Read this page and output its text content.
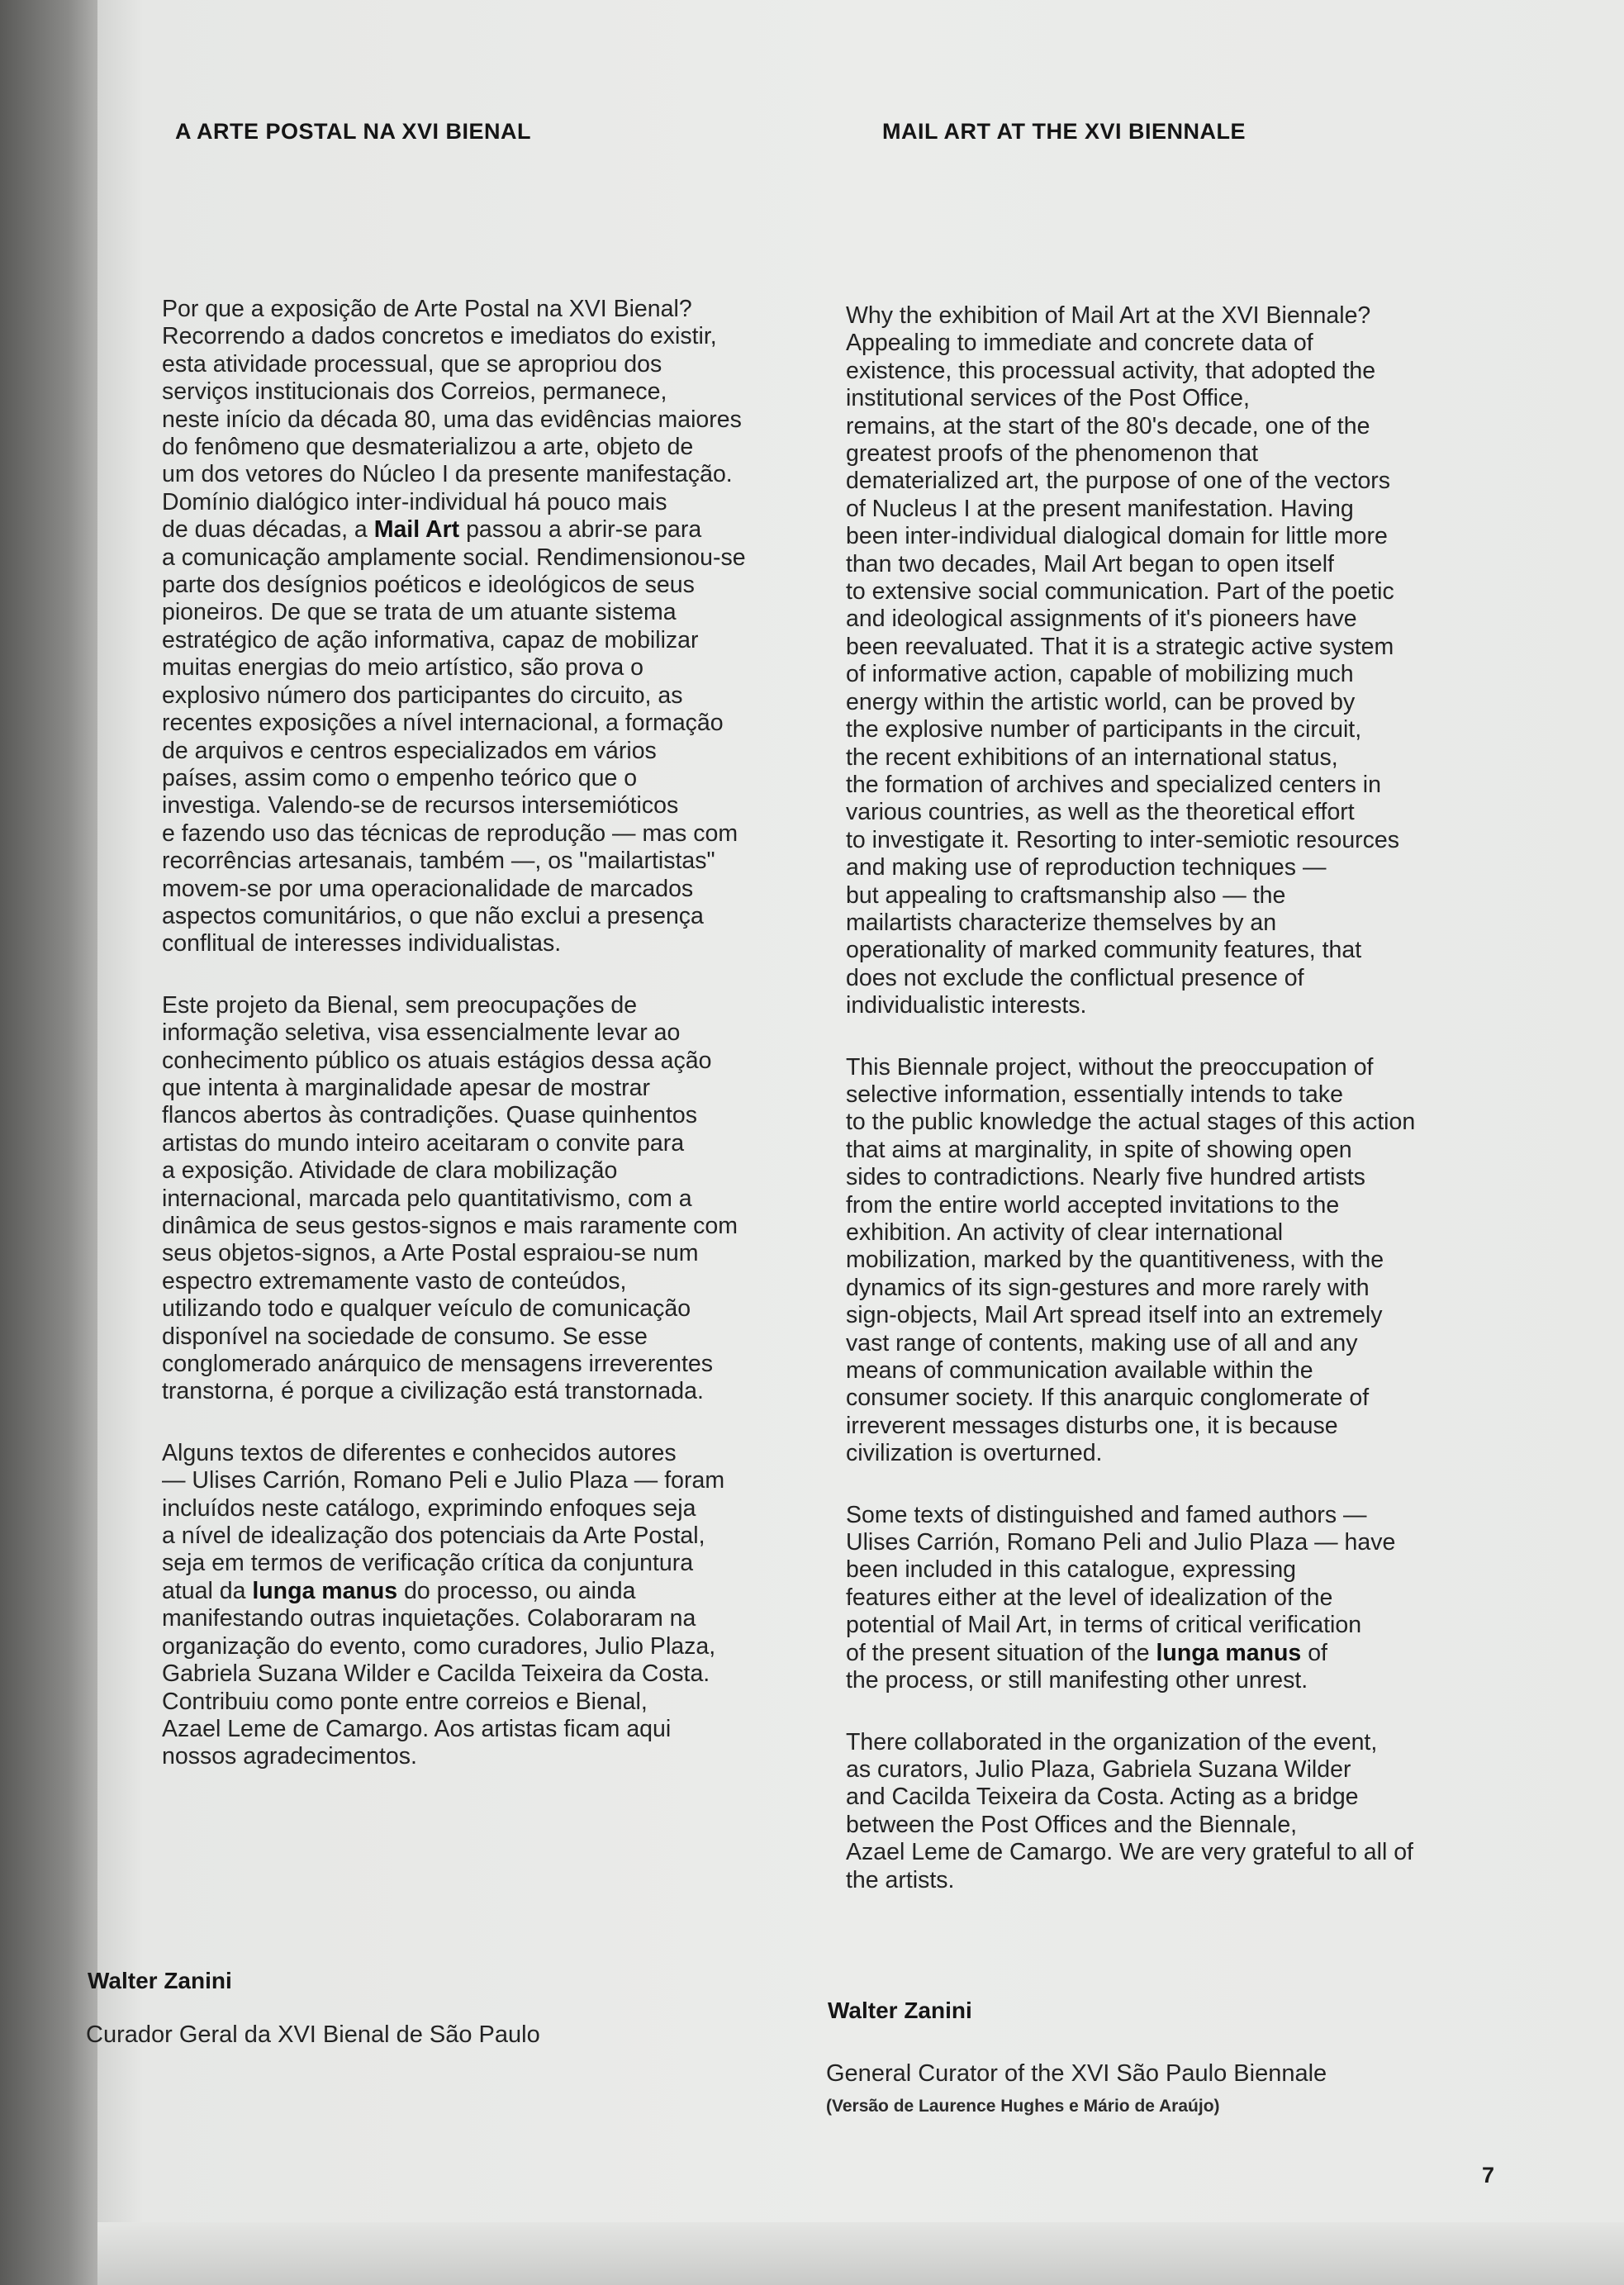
A ARTE POSTAL NA XVI BIENAL	MAIL ART AT THE XVI BIENNALE

Por que a exposição de Arte Postal na XVI Bienal?
Recorrendo a dados concretos e imediatos do existir,
esta atividade processual, que se apropriou dos
serviços institucionais dos Correios, permanece,
neste início da década 80, uma das evidências maiores
do fenômeno que desmaterializou a arte, objeto de
um dos vetores do Núcleo I da presente manifestação.
Domínio dialógico inter-individual há pouco mais
de duas décadas, a Mail Art passou a abrir-se para
a comunicação amplamente social. Rendimensionou-se
parte dos desígnios poéticos e ideológicos de seus
pioneiros. De que se trata de um atuante sistema
estratégico de ação informativa, capaz de mobilizar
muitas energias do meio artístico, são prova o
explosivo número dos participantes do circuito, as
recentes exposições a nível internacional, a formação
de arquivos e centros especializados em vários
países, assim como o empenho teórico que o
investiga. Valendo-se de recursos intersemióticos
e fazendo uso das técnicas de reprodução — mas com
recorrências artesanais, também —, os "mailartistas"
movem-se por uma operacionalidade de marcados
aspectos comunitários, o que não exclui a presença
conflitual de interesses individualistas.

Este projeto da Bienal, sem preocupações de
informação seletiva, visa essencialmente levar ao
conhecimento público os atuais estágios dessa ação
que intenta à marginalidade apesar de mostrar
flancos abertos às contradições. Quase quinhentos
artistas do mundo inteiro aceitaram o convite para
a exposição. Atividade de clara mobilização
internacional, marcada pelo quantitativismo, com a
dinâmica de seus gestos-signos e mais raramente com
seus objetos-signos, a Arte Postal espraiou-se num
espectro extremamente vasto de conteúdos,
utilizando todo e qualquer veículo de comunicação
disponível na sociedade de consumo. Se esse
conglomerado anárquico de mensagens irreverentes
transtorna, é porque a civilização está transtornada.

Alguns textos de diferentes e conhecidos autores
— Ulises Carrión, Romano Peli e Julio Plaza — foram
incluídos neste catálogo, exprimindo enfoques seja
a nível de idealização dos potenciais da Arte Postal,
seja em termos de verificação crítica da conjuntura
atual da lunga manus do processo, ou ainda
manifestando outras inquietações. Colaboraram na
organização do evento, como curadores, Julio Plaza,
Gabriela Suzana Wilder e Cacilda Teixeira da Costa.
Contribuiu como ponte entre correios e Bienal,
Azael Leme de Camargo. Aos artistas ficam aqui
nossos agradecimentos.

Why the exhibition of Mail Art at the XVI Biennale?
Appealing to immediate and concrete data of
existence, this processual activity, that adopted the
institutional services of the Post Office,
remains, at the start of the 80's decade, one of the
greatest proofs of the phenomenon that
dematerialized art, the purpose of one of the vectors
of Nucleus I at the present manifestation. Having
been inter-individual dialogical domain for little more
than two decades, Mail Art began to open itself
to extensive social communication. Part of the poetic
and ideological assignments of it's pioneers have
been reevaluated. That it is a strategic active system
of informative action, capable of mobilizing much
energy within the artistic world, can be proved by
the explosive number of participants in the circuit,
the recent exhibitions of an international status,
the formation of archives and specialized centers in
various countries, as well as the theoretical effort
to investigate it. Resorting to inter-semiotic resources
and making use of reproduction techniques —
but appealing to craftsmanship also — the
mailartists characterize themselves by an
operationality of marked community features, that
does not exclude the conflictual presence of
individualistic interests.

This Biennale project, without the preoccupation of
selective information, essentially intends to take
to the public knowledge the actual stages of this action
that aims at marginality, in spite of showing open
sides to contradictions. Nearly five hundred artists
from the entire world accepted invitations to the
exhibition. An activity of clear international
mobilization, marked by the quantitiveness, with the
dynamics of its sign-gestures and more rarely with
sign-objects, Mail Art spread itself into an extremely
vast range of contents, making use of all and any
means of communication available within the
consumer society. If this anarquic conglomerate of
irreverent messages disturbs one, it is because
civilization is overturned.

Some texts of distinguished and famed authors —
Ulises Carrión, Romano Peli and Julio Plaza — have
been included in this catalogue, expressing
features either at the level of idealization of the
potential of Mail Art, in terms of critical verification
of the present situation of the lunga manus of
the process, or still manifesting other unrest.

There collaborated in the organization of the event,
as curators, Julio Plaza, Gabriela Suzana Wilder
and Cacilda Teixeira da Costa. Acting as a bridge
between the Post Offices and the Biennale,
Azael Leme de Camargo. We are very grateful to all of
the artists.

Walter Zanini
Curador Geral da XVI Bienal de São Paulo
Walter Zanini
General Curator of the XVI São Paulo Biennale
(Versão de Laurence Hughes e Mário de Araújo)
7
